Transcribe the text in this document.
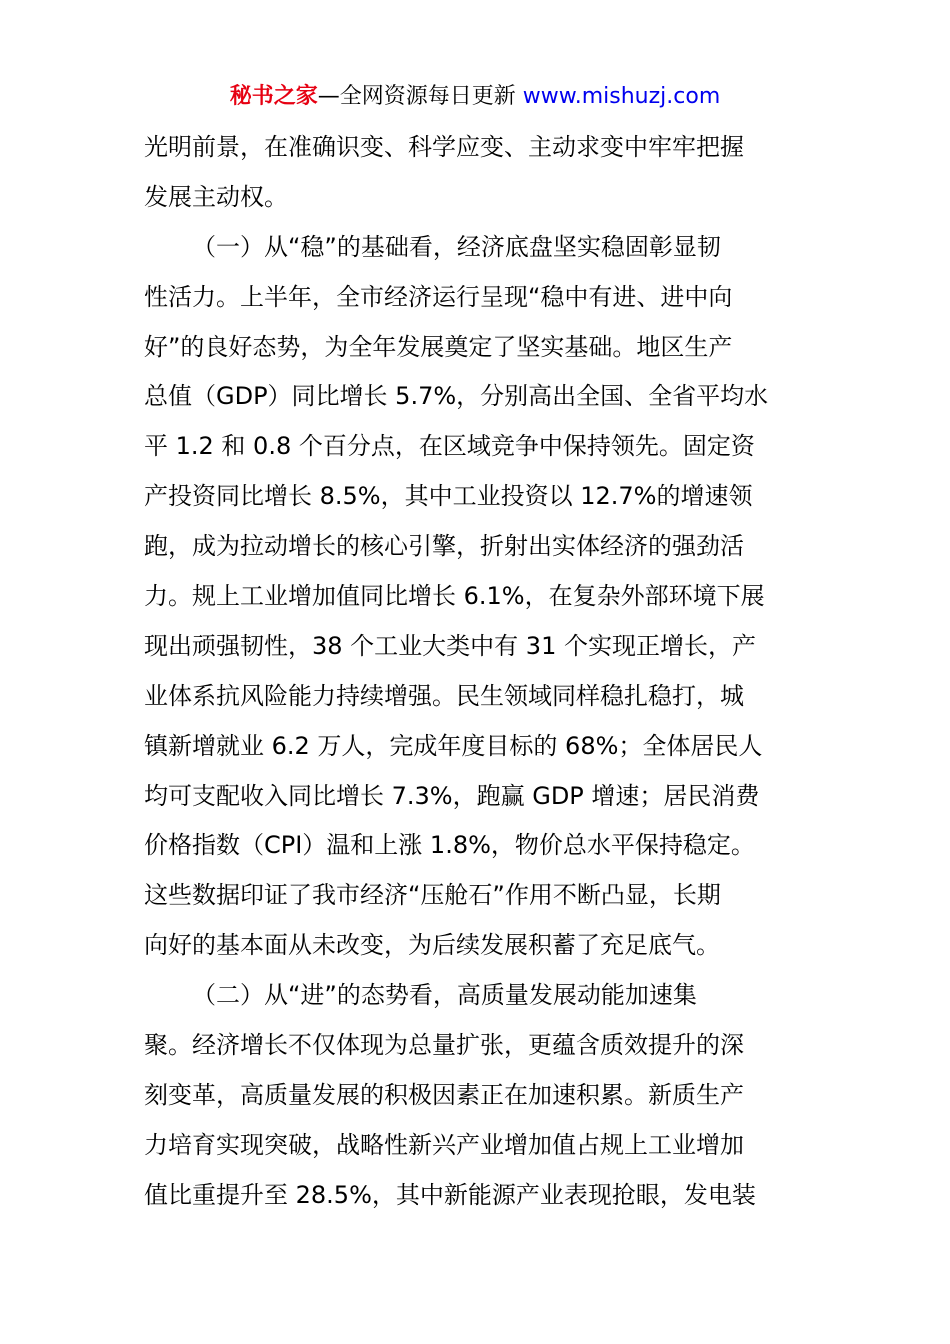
秘书之家—全网资源每日更新 www.mishuzj.com
光明前景，在准确识变、科学应变、主动求变中牢牢把握
发展主动权。
（一）从“稳”的基础看，经济底盘坚实稳固彰显韧
性活力。上半年，全市经济运行呈现“稳中有进、进中向
好”的良好态势，为全年发展奠定了坚实基础。地区生产
总值（GDP）同比增长 5.7%，分别高出全国、全省平均水
平 1.2 和 0.8 个百分点，在区域竞争中保持领先。固定资
产投资同比增长 8.5%，其中工业投资以 12.7%的增速领
跑，成为拉动增长的核心引擎，折射出实体经济的强劲活
力。规上工业增加值同比增长 6.1%，在复杂外部环境下展
现出顽强韧性，38 个工业大类中有 31 个实现正增长，产
业体系抗风险能力持续增强。民生领域同样稳扎稳打，城
镇新增就业 6.2 万人，完成年度目标的 68%；全体居民人
均可支配收入同比增长 7.3%，跑赢 GDP 增速；居民消费
价格指数（CPI）温和上涨 1.8%，物价总水平保持稳定。
这些数据印证了我市经济“压舱石”作用不断凸显，长期
向好的基本面从未改变，为后续发展积蓄了充足底气。
（二）从“进”的态势看，高质量发展动能加速集
聚。经济增长不仅体现为总量扩张，更蕴含质效提升的深
刻变革，高质量发展的积极因素正在加速积累。新质生产
力培育实现突破，战略性新兴产业增加值占规上工业增加
值比重提升至 28.5%，其中新能源产业表现抢眼，发电装
